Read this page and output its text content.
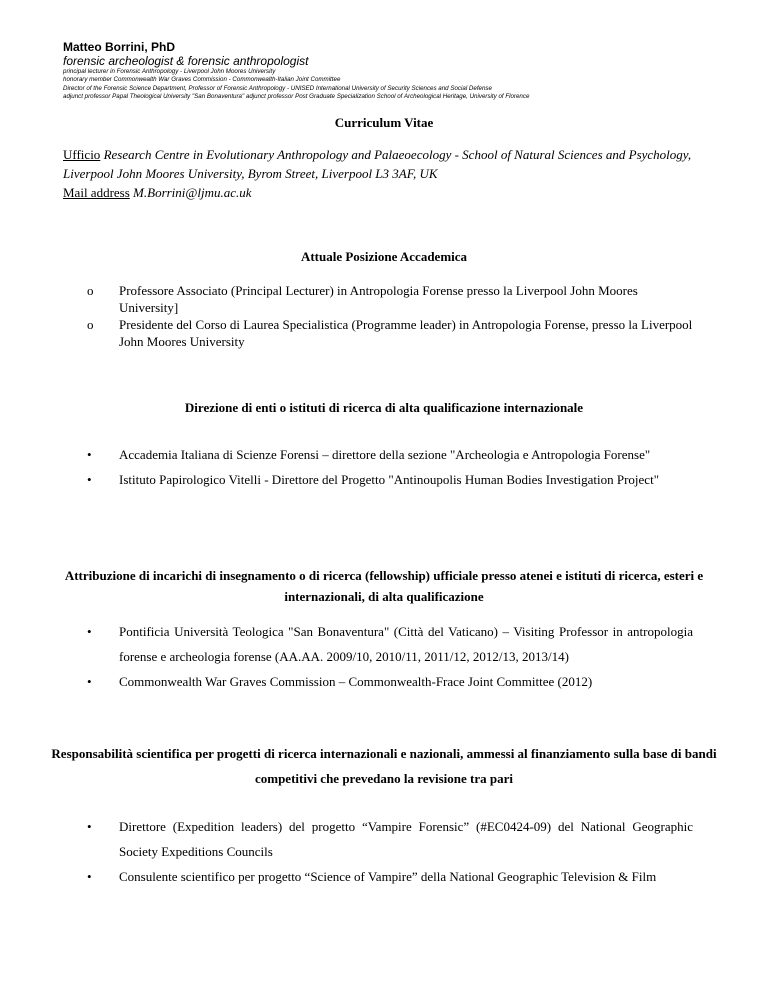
Matteo Borrini, PhD
forensic archeologist & forensic anthropologist
principal lecturer in Forensic Anthropology - Liverpool John Moores University
honorary member Commonwealth War Graves Commission - Commonwealth-Italian Joint Committee
Director of the Forensic Science Department, Professor of Forensic Anthropology - UNISED International University of Security Sciences and Social Defense
adjunct professor Papal Theological University "San Bonaventura" adjunct professor Post Graduate Specialization School of Archeological Heritage, University of Florence
Curriculum Vitae
Ufficio Research Centre in Evolutionary Anthropology and Palaeoecology - School of Natural Sciences and Psychology, Liverpool John Moores University, Byrom Street, Liverpool L3 3AF, UK
Mail address M.Borrini@ljmu.ac.uk
Attuale Posizione Accademica
o Professore Associato (Principal Lecturer) in Antropologia Forense presso la Liverpool John Moores University]
o Presidente del Corso di Laurea Specialistica (Programme leader) in Antropologia Forense, presso la Liverpool John Moores University
Direzione di enti o istituti di ricerca di alta qualificazione internazionale
• Accademia Italiana di Scienze Forensi – direttore della sezione "Archeologia e Antropologia Forense"
• Istituto Papirologico Vitelli - Direttore del Progetto "Antinoupolis Human Bodies Investigation Project"
Attribuzione di incarichi di insegnamento o di ricerca (fellowship) ufficiale presso atenei e istituti di ricerca, esteri e internazionali, di alta qualificazione
• Pontificia Università Teologica "San Bonaventura" (Città del Vaticano) – Visiting Professor in antropologia forense e archeologia forense (AA.AA. 2009/10, 2010/11, 2011/12, 2012/13, 2013/14)
• Commonwealth War Graves Commission – Commonwealth-Frace Joint Committee (2012)
Responsabilità scientifica per progetti di ricerca internazionali e nazionali, ammessi al finanziamento sulla base di bandi competitivi che prevedano la revisione tra pari
• Direttore (Expedition leaders) del progetto “Vampire Forensic” (#EC0424-09) del National Geographic Society Expeditions Councils
• Consulente scientifico per progetto “Science of Vampire” della National Geographic Television & Film
